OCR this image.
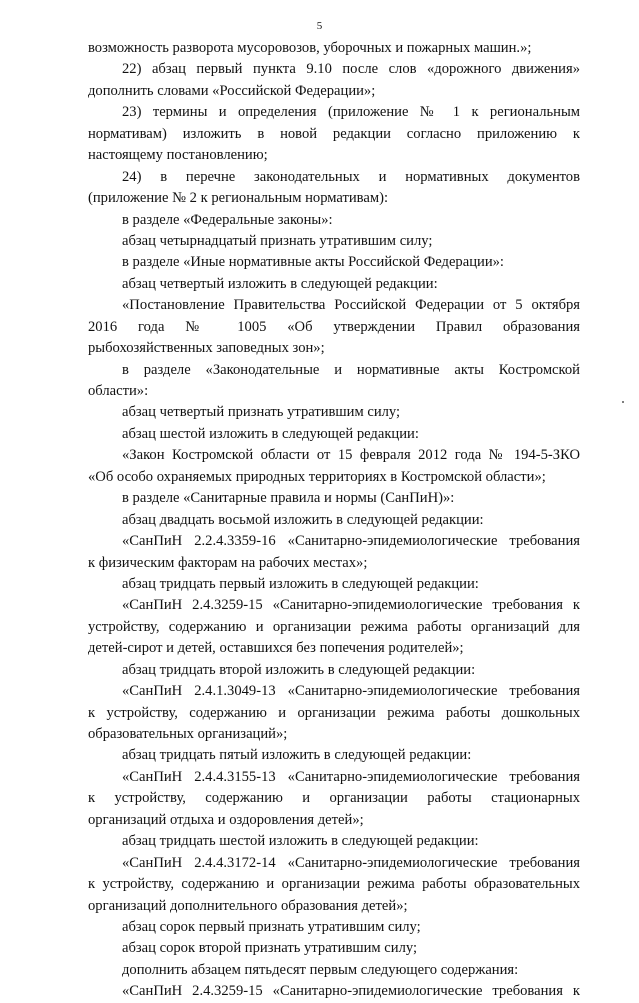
5
возможность разворота мусоровозов, уборочных и пожарных машин.»;
22) абзац первый пункта 9.10 после слов «дорожного движения»
дополнить словами «Российской Федерации»;
23) термины и определения (приложение № 1 к региональным
нормативам) изложить в новой редакции согласно приложению к
настоящему постановлению;
24) в перечне законодательных и нормативных документов
(приложение № 2 к региональным нормативам):
в разделе «Федеральные законы»:
абзац четырнадцатый признать утратившим силу;
в разделе «Иные нормативные акты Российской Федерации»:
абзац четвертый изложить в следующей редакции:
«Постановление Правительства Российской Федерации от 5 октября
2016 года № 1005 «Об утверждении Правил образования
рыбохозяйственных заповедных зон»;
в разделе «Законодательные и нормативные акты Костромской
области»:
абзац четвертый признать утратившим силу;
абзац шестой изложить в следующей редакции:
«Закон Костромской области от 15 февраля 2012 года № 194-5-ЗКО
«Об особо охраняемых природных территориях в Костромской области»;
в разделе «Санитарные правила и нормы (СанПиН)»:
абзац двадцать восьмой изложить в следующей редакции:
«СанПиН 2.2.4.3359-16 «Санитарно-эпидемиологические требования
к физическим факторам на рабочих местах»;
абзац тридцать первый изложить в следующей редакции:
«СанПиН 2.4.3259-15 «Санитарно-эпидемиологические требования к
устройству, содержанию и организации режима работы организаций для
детей-сирот и детей, оставшихся без попечения родителей»;
абзац тридцать второй изложить в следующей редакции:
«СанПиН 2.4.1.3049-13 «Санитарно-эпидемиологические требования
к устройству, содержанию и организации режима работы дошкольных
образовательных организаций»;
абзац тридцать пятый изложить в следующей редакции:
«СанПиН 2.4.4.3155-13 «Санитарно-эпидемиологические требования
к устройству, содержанию и организации работы стационарных
организаций отдыха и оздоровления детей»;
абзац тридцать шестой изложить в следующей редакции:
«СанПиН 2.4.4.3172-14 «Санитарно-эпидемиологические требования
к устройству, содержанию и организации режима работы образовательных
организаций дополнительного образования детей»;
абзац сорок первый признать утратившим силу;
абзац сорок второй признать утратившим силу;
дополнить абзацем пятьдесят первым следующего содержания:
«СанПиН 2.4.3259-15 «Санитарно-эпидемиологические требования к
